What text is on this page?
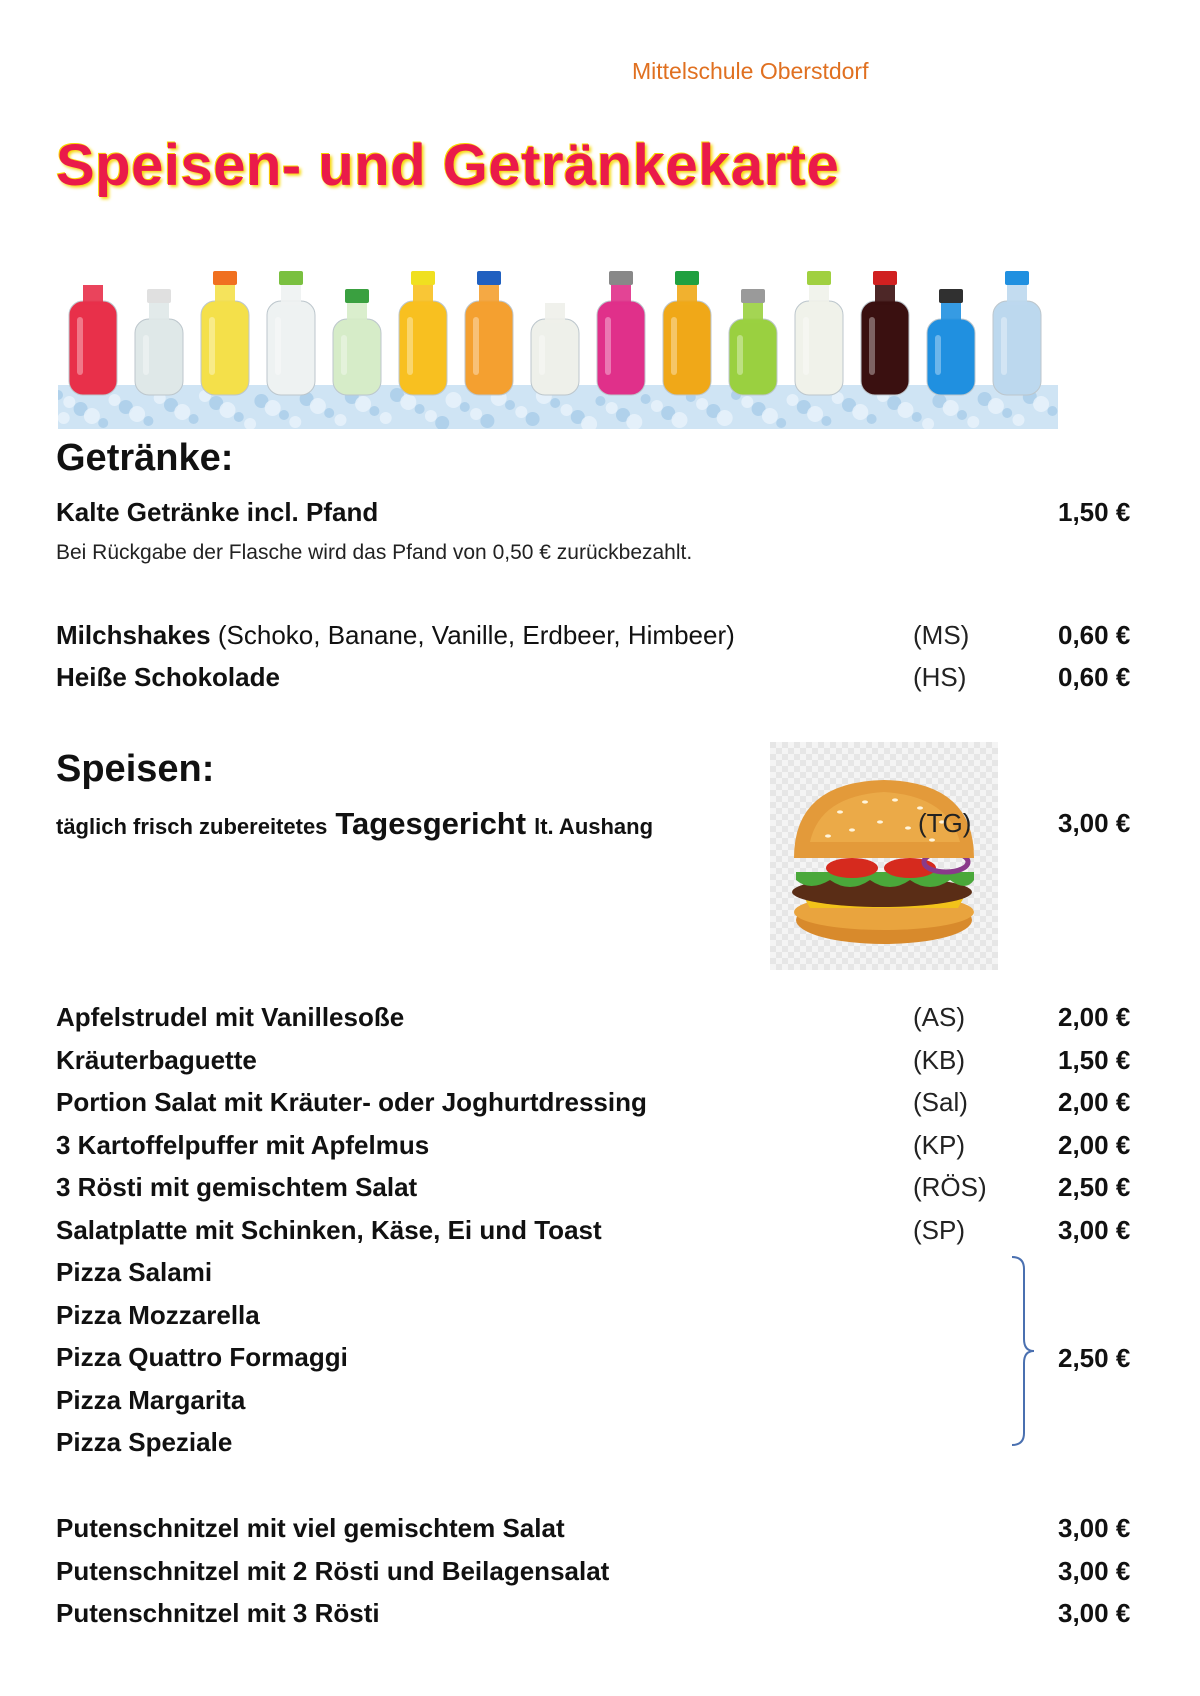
Mittelschule Oberstdorf
Speisen- und Getränkekarte
Getränke:
Kalte Getränke incl. Pfand	1,50 €
Bei Rückgabe der Flasche wird das Pfand von 0,50 € zurückbezahlt.
Milchshakes (Schoko, Banane, Vanille, Erdbeer, Himbeer)	(MS)	0,60 €
Heiße Schokolade	(HS)	0,60 €
Speisen:
täglich frisch zubereitetes Tagesgericht lt. Aushang	(TG)	3,00 €
Apfelstrudel mit Vanillesoße	(AS)	2,00 €
Kräuterbaguette	(KB)	1,50 €
Portion Salat mit Kräuter- oder Joghurtdressing	(Sal)	2,00 €
3 Kartoffelpuffer mit Apfelmus	(KP)	2,00 €
3 Rösti mit gemischtem Salat	(RÖS)	2,50 €
Salatplatte mit Schinken, Käse, Ei und Toast	(SP)	3,00 €
Pizza Salami
Pizza Mozzarella
Pizza Quattro Formaggi
Pizza Margarita
Pizza Speziale
2,50 €
Putenschnitzel mit viel gemischtem Salat	3,00 €
Putenschnitzel mit 2 Rösti und Beilagensalat	3,00 €
Putenschnitzel mit 3 Rösti	3,00 €
